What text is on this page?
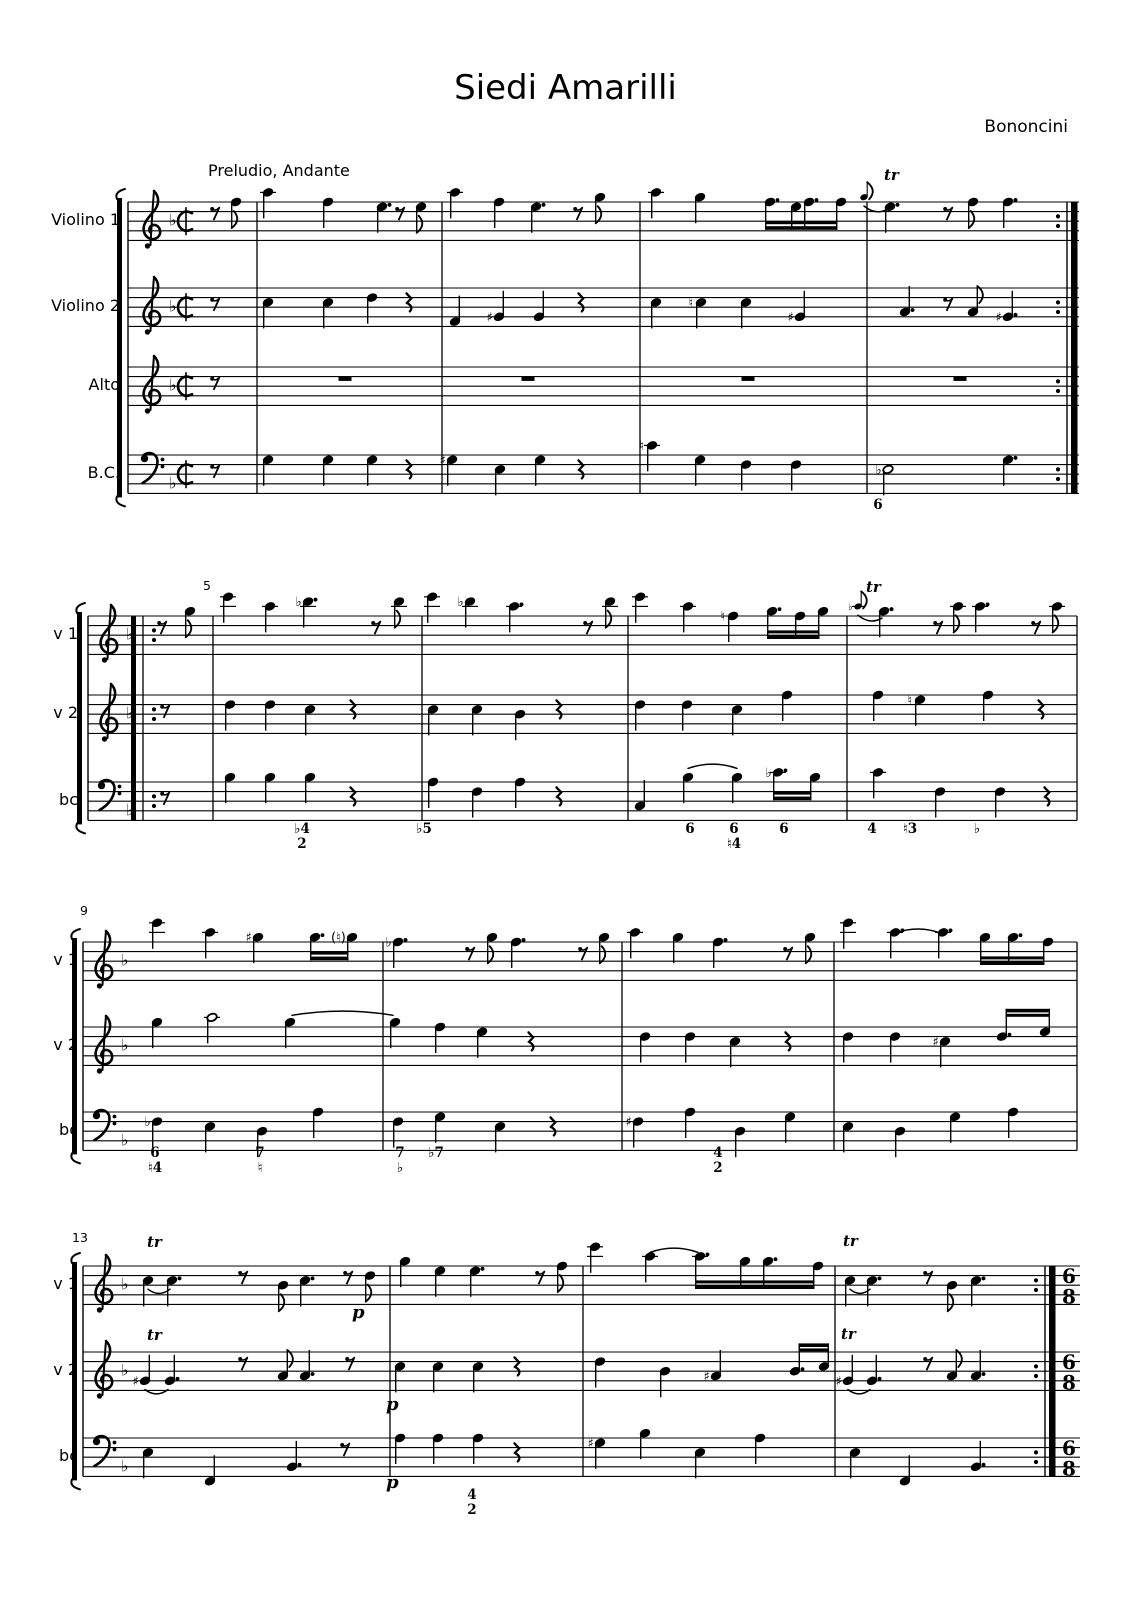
Siedi Amarilli
Bononcini
Preludio, Andante
♭
♭
♯
♮
♯	♯
♭
♭
♯
♮
♭
♭
♭	♭
♮
♭
♭
♮
♭
♭
♭
♯	♭
(♮)
♭	♯
♭
♭	♯
6
8
6
8
6
8
♭
♭
♯	♯	♯
♭
♯
Violino 1
Violino 2
Alto
B.C.
v 1
v 2
bc
v 1
v 2
bc
v 1
v 2
bc
5
9
13
tr
tr
tr
tr
tr
tr
p
p
p
6
♭4
2
♭5	6	6
♮4
6	4 ♮3	♭
6
♮4
7
♮
7
♭
♭7	4
2
4
2
